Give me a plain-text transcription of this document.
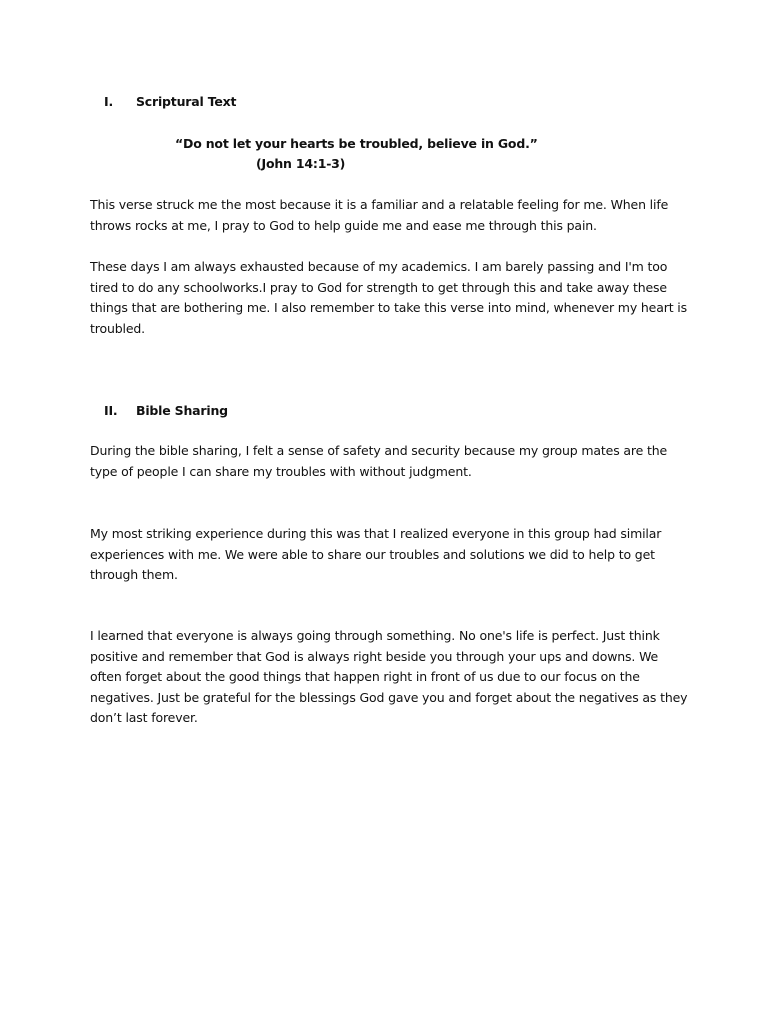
I. Scriptural Text
“Do not let your hearts be troubled, believe in God.”
(John 14:1-3)

This verse struck me the most because it is a familiar and a relatable feeling for me. When life throws rocks at me, I pray to God to help guide me and ease me through this pain.

These days I am always exhausted because of my academics. I am barely passing and I'm too tired to do any schoolworks.I pray to God for strength to get through this and take away these things that are bothering me. I also remember to take this verse into mind, whenever my heart is troubled.

II. Bible Sharing

During the bible sharing, I felt a sense of safety and security because my group mates are the type of people I can share my troubles with without judgment.

My most striking experience during this was that I realized everyone in this group had similar experiences with me. We were able to share our troubles and solutions we did to help to get through them.

I learned that everyone is always going through something. No one's life is perfect. Just think positive and remember that God is always right beside you through your ups and downs. We often forget about the good things that happen right in front of us due to our focus on the negatives. Just be grateful for the blessings God gave you and forget about the negatives as they don’t last forever.
